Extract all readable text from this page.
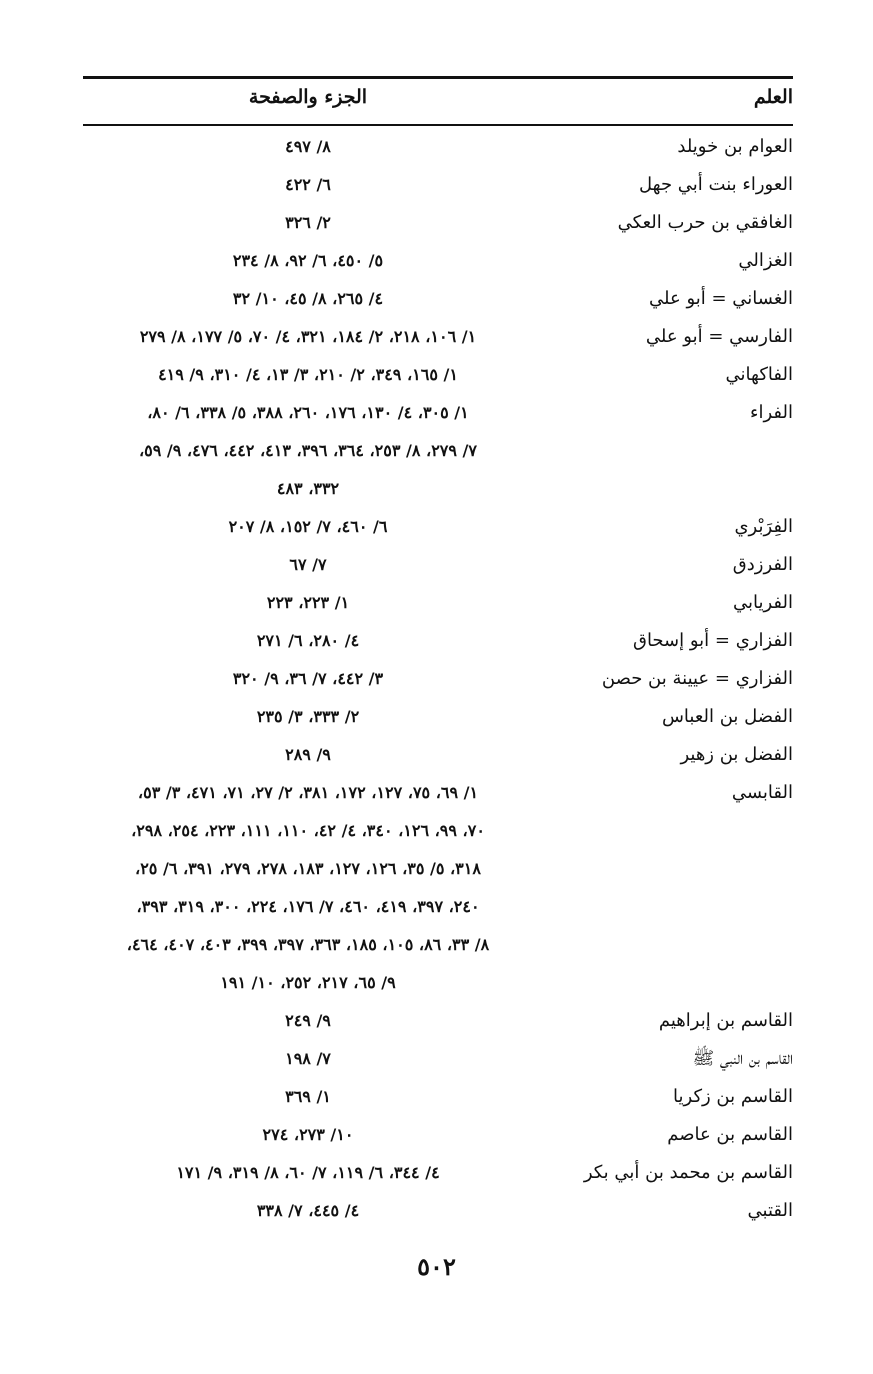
العلم
الجزء والصفحة
العوام بن خويلد
٨/ ٤٩٧
العوراء بنت أبي جهل
٦/ ٤٢٢
الغافقي بن حرب العكي
٢/ ٣٢٦
الغزالي
٥/ ٤٥٠، ٦/ ٩٢، ٨/ ٢٣٤
الغساني = أبو علي
٤/ ٢٦٥، ٨/ ٤٥، ١٠/ ٣٢
الفارسي = أبو علي
١/ ١٠٦، ٢١٨، ٢/ ١٨٤، ٣٢١، ٤/ ٧٠، ٥/ ١٧٧، ٨/ ٢٧٩
الفاكهاني
١/ ١٦٥، ٣٤٩، ٢/ ٢١٠، ٣/ ١٣، ٤/ ٣١٠، ٩/ ٤١٩
الفراء
١/ ٣٠٥، ٤/ ١٣٠، ١٧٦، ٢٦٠، ٣٨٨، ٥/ ٣٣٨، ٦/ ٨٠،
٧/ ٢٧٩، ٨/ ٢٥٣، ٣٦٤، ٣٩٦، ٤١٣، ٤٤٢، ٤٧٦، ٩/ ٥٩،
٣٣٢، ٤٨٣
الفِرَبْري
٦/ ٤٦٠، ٧/ ١٥٢، ٨/ ٢٠٧
الفرزدق
٧/ ٦٧
الفريابي
١/ ٢٢٣، ٢٢٣
الفزاري = أبو إسحاق
٤/ ٢٨٠، ٦/ ٢٧١
الفزاري = عيينة بن حصن
٣/ ٤٤٢، ٧/ ٣٦، ٩/ ٣٢٠
الفضل بن العباس
٢/ ٣٣٣، ٣/ ٢٣٥
الفضل بن زهير
٩/ ٢٨٩
القابسي
١/ ٦٩، ٧٥، ١٢٧، ١٧٢، ٣٨١، ٢/ ٢٧، ٧١، ٤٧١، ٣/ ٥٣،
٧٠، ٩٩، ١٢٦، ٣٤٠، ٤/ ٤٢، ١١٠، ١١١، ٢٢٣، ٢٥٤، ٢٩٨،
٣١٨، ٥/ ٣٥، ١٢٦، ١٢٧، ١٨٣، ٢٧٨، ٢٧٩، ٣٩١، ٦/ ٢٥،
٢٤٠، ٣٩٧، ٤١٩، ٤٦٠، ٧/ ١٧٦، ٢٢٤، ٣٠٠، ٣١٩، ٣٩٣،
٨/ ٣٣، ٨٦، ١٠٥، ١٨٥، ٣٦٣، ٣٩٧، ٣٩٩، ٤٠٣، ٤٠٧، ٤٦٤،
٩/ ٦٥، ٢١٧، ٢٥٢، ١٠/ ١٩١
القاسم بن إبراهيم
٩/ ٢٤٩
القاسم بن النبي ﷺ
٧/ ١٩٨
القاسم بن زكريا
١/ ٣٦٩
القاسم بن عاصم
١٠/ ٢٧٣، ٢٧٤
القاسم بن محمد بن أبي بكر
٤/ ٣٤٤، ٦/ ١١٩، ٧/ ٦٠، ٨/ ٣١٩، ٩/ ١٧١
القتبي
٤/ ٤٤٥، ٧/ ٣٣٨
٥٠٢
